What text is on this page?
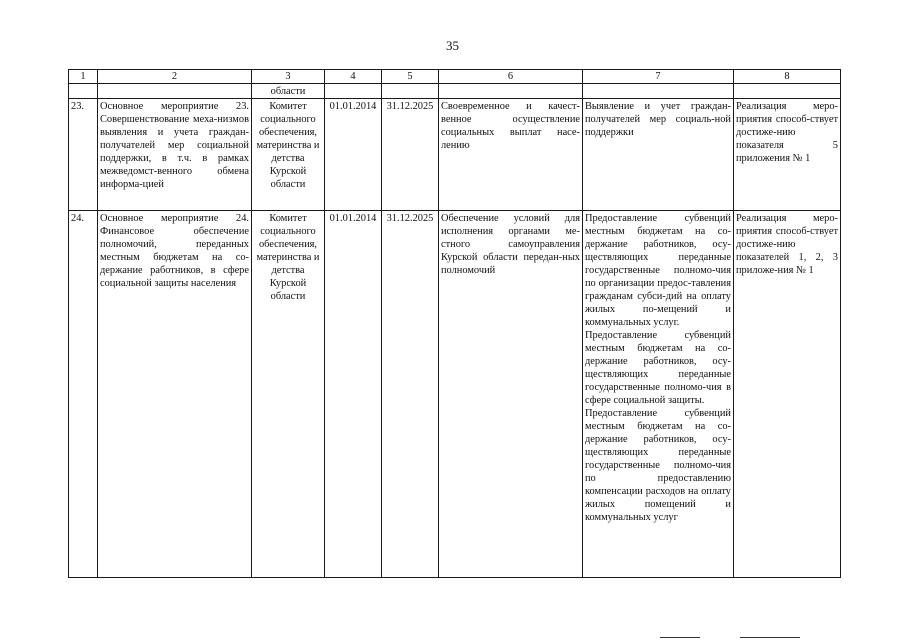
35
1	2	3	4	5	6	7	8
		области					
23.	Основное мероприятие 23. Совершенствование меха-низмов выявления и учета граждан-получателей мер социальной поддержки, в т.ч. в рамках межведомст-венного обмена информа-цией	Комитет социального обеспечения, материнства и детства Курской области	01.01.2014	31.12.2025	Своевременное и качест-венное осуществление социальных выплат насе-лению	Выявление и учет граждан-получателей мер социаль-ной поддержки	Реализация меро-приятия способ-ствует достиже-нию показателя 5 приложения № 1
24.	Основное мероприятие 24. Финансовое обеспечение полномочий, переданных местным бюджетам на со-держание работников, в сфере социальной защиты населения	Комитет социального обеспечения, материнства и детства Курской области	01.01.2014	31.12.2025	Обеспечение условий для исполнения органами ме-стного самоуправления Курской области передан-ных полномочий	Предоставление субвенций местным бюджетам на со-держание работников, осу-ществляющих переданные государственные полномо-чия по организации предос-тавления гражданам субси-дий на оплату жилых по-мещений и коммунальных услуг.
Предоставление субвенций местным бюджетам на со-держание работников, осу-ществляющих переданные государственные полномо-чия в сфере социальной защиты.
Предоставление субвенций местным бюджетам на со-держание работников, осу-ществляющих переданные государственные полномо-чия по предоставлению компенсации расходов на оплату жилых помещений и коммунальных услуг	Реализация меро-приятия способ-ствует достиже-нию показателей 1, 2, 3 приложе-ния № 1
